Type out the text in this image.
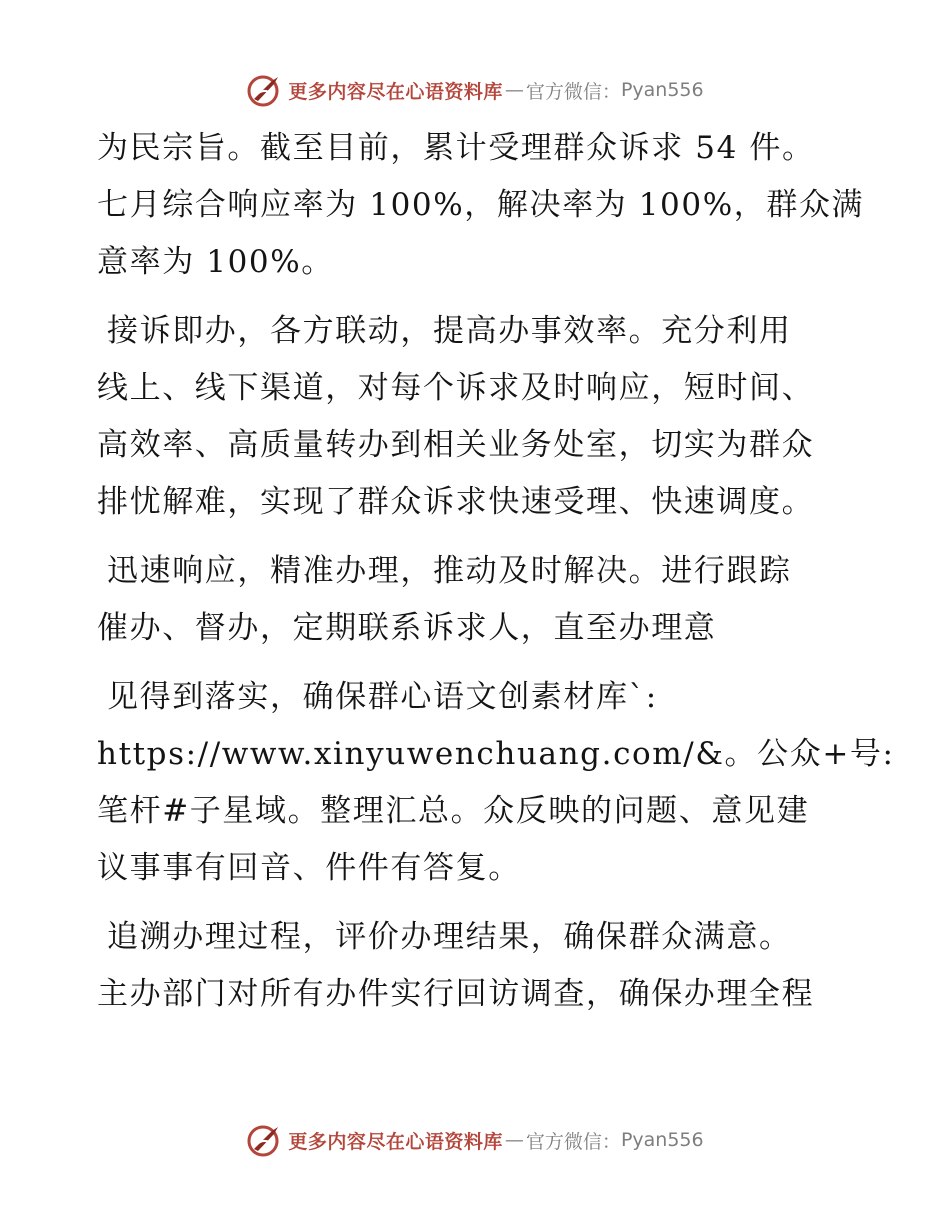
更多内容尽在心语资料库 — 官方微信： Pyan556

为民宗旨。截至目前，累计受理群众诉求 54 件。
七月综合响应率为 100%，解决率为 100%，群众满
意率为 100%。

接诉即办，各方联动，提高办事效率。充分利用
线上、线下渠道，对每个诉求及时响应，短时间、
高效率、高质量转办到相关业务处室，切实为群众
排忧解难，实现了群众诉求快速受理、快速调度。

迅速响应，精准办理，推动及时解决。进行跟踪
催办、督办，定期联系诉求人，直至办理意

见得到落实，确保群心语文创素材库`:
https://www.xinyuwenchuang.com/&。公众+号:
笔杆#子星域。整理汇总。众反映的问题、意见建
议事事有回音、件件有答复。

追溯办理过程，评价办理结果，确保群众满意。
主办部门对所有办件实行回访调查，确保办理全程

更多内容尽在心语资料库 — 官方微信： Pyan556
